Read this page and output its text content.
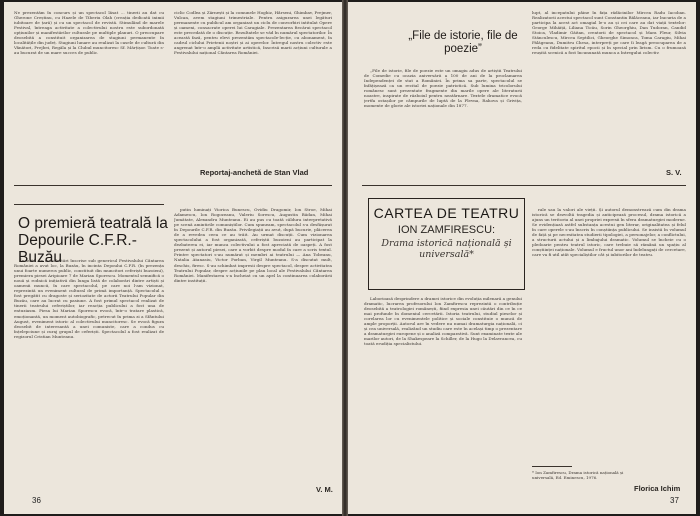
Ne prezentăm în concurs și un spectacol lăsat ... tinerii au dat cu Gherone Creștinu, cu Hazele de Tiberiu Olah (creația dedicată inimii iubitoare de țară) și cu un spectacol de revistă. Stimulând de marele Festival, întreaga activitate a colectivului nostru este subordonată opțiunilor și manifestărilor culturale pe multiple planuri. O preocupare deosebită a constituit organizarea de stagiuni permanente în localitățile din județ. Stagiuni lunare au realizat la casele de cultură din Vânători, Prejbei, Regăla și la Clubul muncitoresc Sf. Mărțișor. Toate s-au bucurat de un mare succes de public.

ciclic Codlea și Zărnești și la comunele Hoghiz, Hârseni, Ghimbav, Prejmer, Vulcan, avem stagiuni trimestriale. Pentru asigurarea unei legături permanente cu publicul am organizat un ciclu de convorbiri intitulat Opere și oameni, consacrate operei lui Caragiale. Prezentarea fiecărui spectacol este precedată de o discuție. Rezultatele se văd în numărul spectatorilor. În această fază, pentru elevi prezentăm spectacole-lecție, cu abonament, în cadrul ciclului Prietenii noștri și ai operelor. Întregul nostru colectiv este angrenat într-o amplă activitate artistică, înscrisă marii acțiuni culturale a Festivalului național Cântarea României.

Reportaj-anchetă de Stan Vlad
O premieră teatrală la Depourile C.F.R.-Buzău

În suita de manifestări înscrise sub genericul Festivalului Cântarea României a avut loc, la Buzău, în incinta Depoului C.F.R. (în prezența unui foarte numeros public, constituit din muncitori ceferiști buzoieni), premiera piesei Aripioare 7 de Marian Sporescu. Momentul semnifică o nouă și rodnică inițiativă din lunga listă de colaborări dintre artiști și oamenii muncii, în care spectacolul, pe care noi l-am vizionat, reprezintă un eveniment cultural de primă importanță. Spectacolul a fost pregătit cu dragoste și seriozitate de actorii Teatrului Popular din Buzău, care au lucrat cu pasiune. A fost primul spectacol realizat de tinerii teatrului ceferiștilor, iar reacția publicului a fost una de entuziasm. Piesa lui Marian Sporescu evocă, într-o tratare plastică, emoționantă, un moment autobiografic, petrecut în prima zi a Sfântului August, eveniment istoric al colectivului muncitoresc. Se evocă figura deosebit de interesantă a unei comuniste, care a condus cu înțelepciune și curaj grupul de ceferiști. Spectacolul a fost realizat de regizorul Cristian Munteanu.

putin luminați Viorica Bunescu, Ovidiu Dragomir, Ion Stroe, Mihai Adamescu, Ion Rogozeanu, Valeriu Sorescu, Augustin Bădan, Mihai Jumătate, Alexandru Munteanu. Ei au pus cu toată căldura interpretativă pe scenă amintirile comuniștilor. Cum spuneam, spectacolul s-a desfășurat în Depourile C.F.R. din Buzău. Privilegiații au avut, după bucurie, plăcerea de a revedea ceea ce au trăit. Au urmat discuții. Cum vizionarea spectacolului a fost organizată, ceferiștii buzoieni au participat la dezbaterea ei, iar munca colectivului a fost apreciată de oaspeți. A fost prezent și autorul piesei, care a vorbit despre modul în care a scris textul. Printre spectatori s-au numărat și membri ai teatrului — Ana Tobeanu, Natalia Atanasiu, Victor Porban, Virgil Munteanu. S-a discutat mult, deschis, firesc. S-au schimbat impresii despre spectacol, despre activitatea Teatrului Popular, despre acțiunile pe plan local ale Festivalului Cântarea României. Manifestarea s-a încheiat cu un apel la continuarea colaborării dintre instituții.

V. M.
36
„File de istorie, file de poezie”

„File de istorie, file de poezie este un omagiu adus de artiștii Teatrului de Comedie cu ocazia aniversării a 100 de ani de la proclamarea Independenței de stat a României. În prima sa parte, spectacolul se înfățișează ca un recital de poezie patriotică. Sub lumina tricolorului românesc sunt prezentate fragmente din marile opere ale literaturii noastre, inspirate de războiul pentru neatârnare. Textele dramatice evocă jertfa ostașilor pe câmpurile de luptă de la Plevna, Rahova și Grivița, momente de glorie ale istoriei naționale din 1877.

lupt, al incepatului pâine în fața rădăcinilor Mircea Radu Iacoban. Realizatorii acestui spectacol sunt Constantin Bălăceanu, iar bucuria de a participa la acest act omagial le-o au și cei care au dat viață textelor: George Mihăiță, Liliana Ticău, Sorin Gheorghiu, Dan Tudoran, Candid Stoica, Vladimir Găitan, creatorii de spectacol și Mara Fleur, Silvia Stănculescu, Mircea Septilici, Gheorghe Simonca, Toma Caragiu, Mihai Fălăgeanu, Dumitru Chesa, interpreți pe care îi leagă preocuparea de a reda cu fidelitate spiritul epocii și în special prin lirism. Cu o frumoasă reușită scenică a fost încununată munca a întregului colectiv.

S. V.
CARTEA DE TEATRU
ION ZAMFIRESCU:
Drama istorică națională și universală*

Laborioasă desprindere a dramei istorice din evoluția milenară a genului dramatic, lucrarea profesorului Ion Zamfirescu reprezintă o contribuție deosebită a teatrologiei românești, fiind expresia unei căutări din ce în ce mai profunde în domeniul cercetării. Istoria teatrului, studiul pieselor și corelarea lor cu evenimentele politice și sociale constituie o muncă de ample proporții. Autorul are în vedere nu numai dramaturgia națională, ci și cea universală, realizând un studiu care este în același timp o prezentare a dramaturgiei europene și o analiză comparativă. Sunt examinate texte ale marilor autori, de la Shakespeare la Schiller, de la Hugo la Delavrancea, cu toată erudiția specialistului.

rale sau la valori ale vieții. Și autorul demonstrează cum din drama istorică se dezvoltă tragedia și anticipează procesul, drama istorică a ajuns un teritoriu al unei propriei expresii în sfera dramaturgiei moderne. Se evidențiază astfel substanța acestui gen literar, originalitatea și felul în care operele s-au înscris în conștiința publicului. Se insistă în volumul de față și pe necesitatea studierii tipologiei, a personajelor, a conflictului, a structurii actului și a limbajului dramatic. Volumul se încheie cu o pledoarie pentru teatrul istoric, care trebuie să rămână un spațiu al conștiinței naționale. Volumul e fructul unor ani îndelungați de cercetare, care va fi util atât specialiștilor cât și iubitorilor de teatru.

* Ion Zamfirescu, Drama istorică națională și universală, Ed. Eminescu, 1976.
Florica Ichim
37
